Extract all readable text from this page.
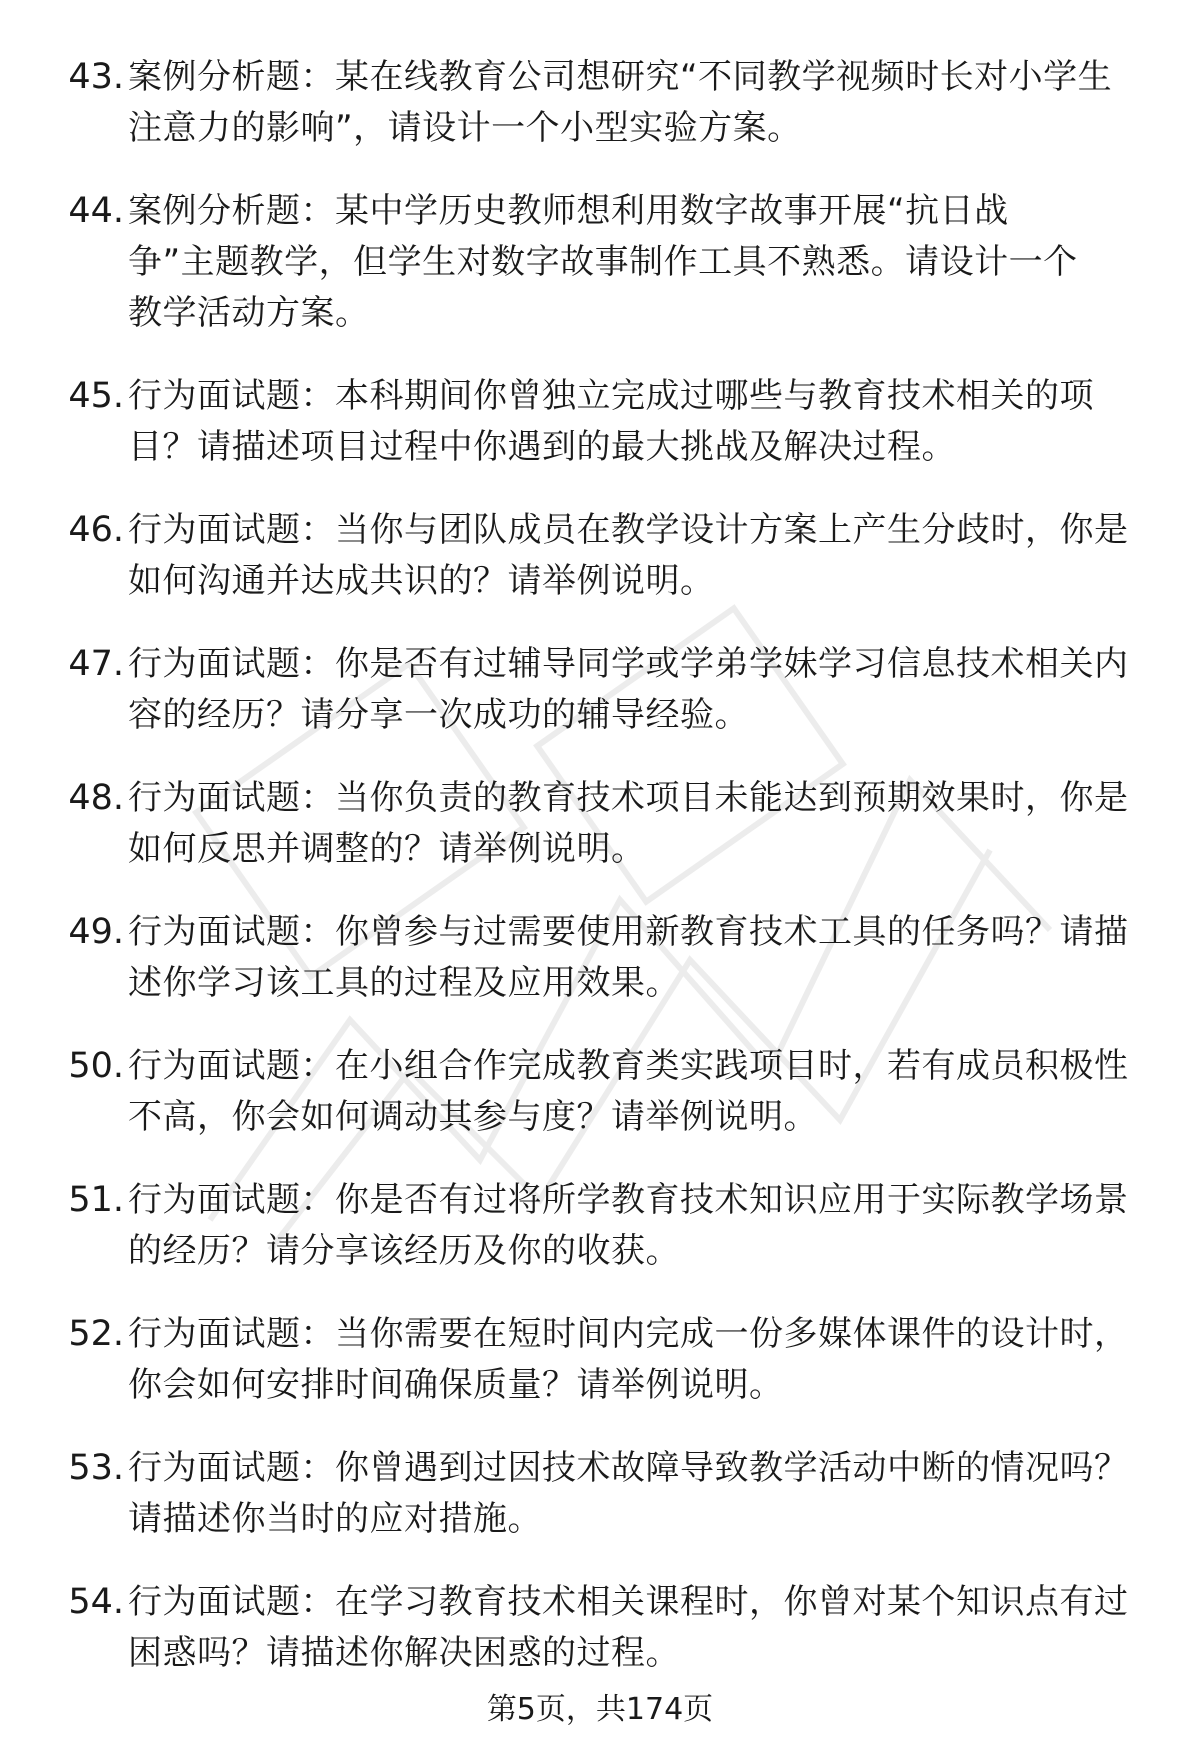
43. 案例分析题：某在线教育公司想研究“不同教学视频时长对小学生注意力的影响”，请设计一个小型实验方案。
44. 案例分析题：某中学历史教师想利用数字故事开展“抗日战争”主题教学，但学生对数字故事制作工具不熟悉。请设计一个教学活动方案。
45. 行为面试题：本科期间你曾独立完成过哪些与教育技术相关的项目？请描述项目过程中你遇到的最大挑战及解决过程。
46. 行为面试题：当你与团队成员在教学设计方案上产生分歧时，你是如何沟通并达成共识的？请举例说明。
47. 行为面试题：你是否有过辅导同学或学弟学妹学习信息技术相关内容的经历？请分享一次成功的辅导经验。
48. 行为面试题：当你负责的教育技术项目未能达到预期效果时，你是如何反思并调整的？请举例说明。
49. 行为面试题：你曾参与过需要使用新教育技术工具的任务吗？请描述你学习该工具的过程及应用效果。
50. 行为面试题：在小组合作完成教育类实践项目时，若有成员积极性不高，你会如何调动其参与度？请举例说明。
51. 行为面试题：你是否有过将所学教育技术知识应用于实际教学场景的经历？请分享该经历及你的收获。
52. 行为面试题：当你需要在短时间内完成一份多媒体课件的设计时，你会如何安排时间确保质量？请举例说明。
53. 行为面试题：你曾遇到过因技术故障导致教学活动中断的情况吗？请描述你当时的应对措施。
54. 行为面试题：在学习教育技术相关课程时，你曾对某个知识点有过困惑吗？请描述你解决困惑的过程。
第5页，共174页
